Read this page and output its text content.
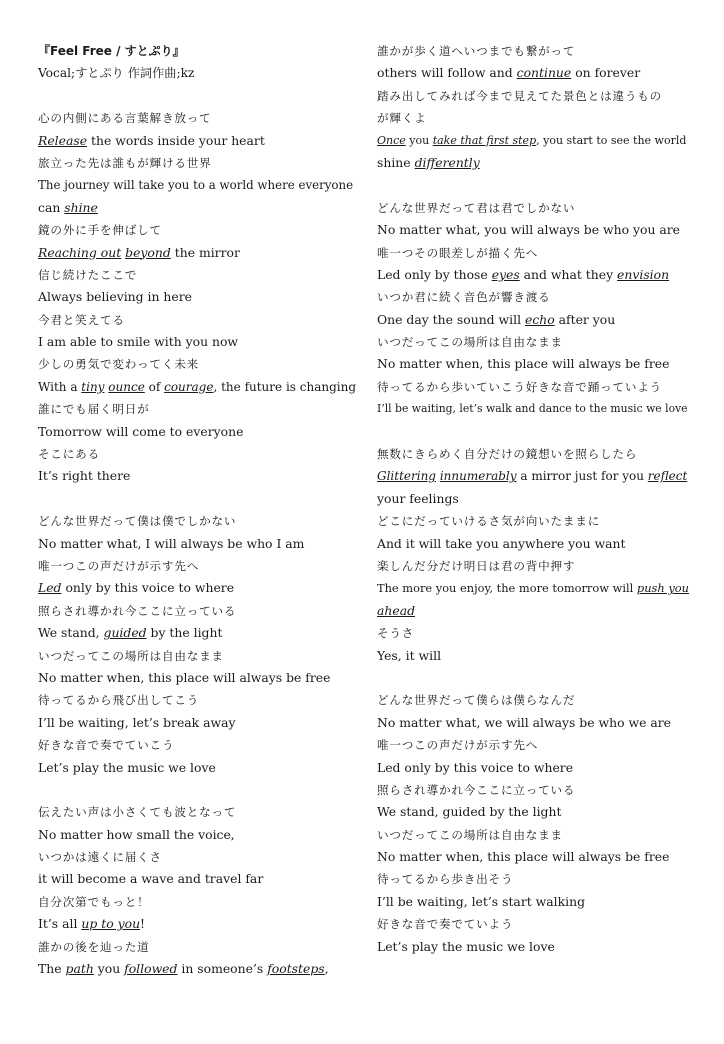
『Feel Free / すとぷり』
Vocal;すとぷり 作詞作曲;kz
心の内側にある言葉解き放って
Release the words inside your heart
旅立った先は誰もが輝ける世界
The journey will take you to a world where everyone
can shine
鏡の外に手を伸ばして
Reaching out beyond the mirror
信じ続けたここで
Always believing in here
今君と笑えてる
I am able to smile with you now
少しの勇気で変わってく未来
With a tiny ounce of courage, the future is changing
誰にでも届く明日が
Tomorrow will come to everyone
そこにある
It’s right there
どんな世界だって僕は僕でしかない
No matter what, I will always be who I am
唯一つこの声だけが示す先へ
Led only by this voice to where
照らされ導かれ今ここに立っている
We stand, guided by the light
いつだってこの場所は自由なまま
No matter when, this place will always be free
待ってるから飛び出してこう
I’ll be waiting, let’s break away
好きな音で奏でていこう
Let’s play the music we love
伝えたい声は小さくても波となって
No matter how small the voice,
いつかは遠くに届くさ
it will become a wave and travel far
自分次第でもっと！
It’s all up to you!
誰かの後を辿った道
The path you followed in someone’s footsteps,
誰かが歩く道へいつまでも繋がって
others will follow and continue on forever
踏み出してみれば今まで見えてた景色とは違うもの
が輝くよ
Once you take that first step, you start to see the world
shine differently
どんな世界だって君は君でしかない
No matter what, you will always be who you are
唯一つその眼差しが描く先へ
Led only by those eyes and what they envision
いつか君に続く音色が響き渡る
One day the sound will echo after you
いつだってこの場所は自由なまま
No matter when, this place will always be free
待ってるから歩いていこう好きな音で踊っていよう
I’ll be waiting, let’s walk and dance to the music we love
無数にきらめく自分だけの鏡想いを照らしたら
Glittering innumerably a mirror just for you reflect
your feelings
どこにだっていけるさ気が向いたままに
And it will take you anywhere you want
楽しんだ分だけ明日は君の背中押す
The more you enjoy, the more tomorrow will push you
ahead
そうさ
Yes, it will
どんな世界だって僕らは僕らなんだ
No matter what, we will always be who we are
唯一つこの声だけが示す先へ
Led only by this voice to where
照らされ導かれ今ここに立っている
We stand, guided by the light
いつだってこの場所は自由なまま
No matter when, this place will always be free
待ってるから歩き出そう
I’ll be waiting, let’s start walking
好きな音で奏でていよう
Let’s play the music we love
